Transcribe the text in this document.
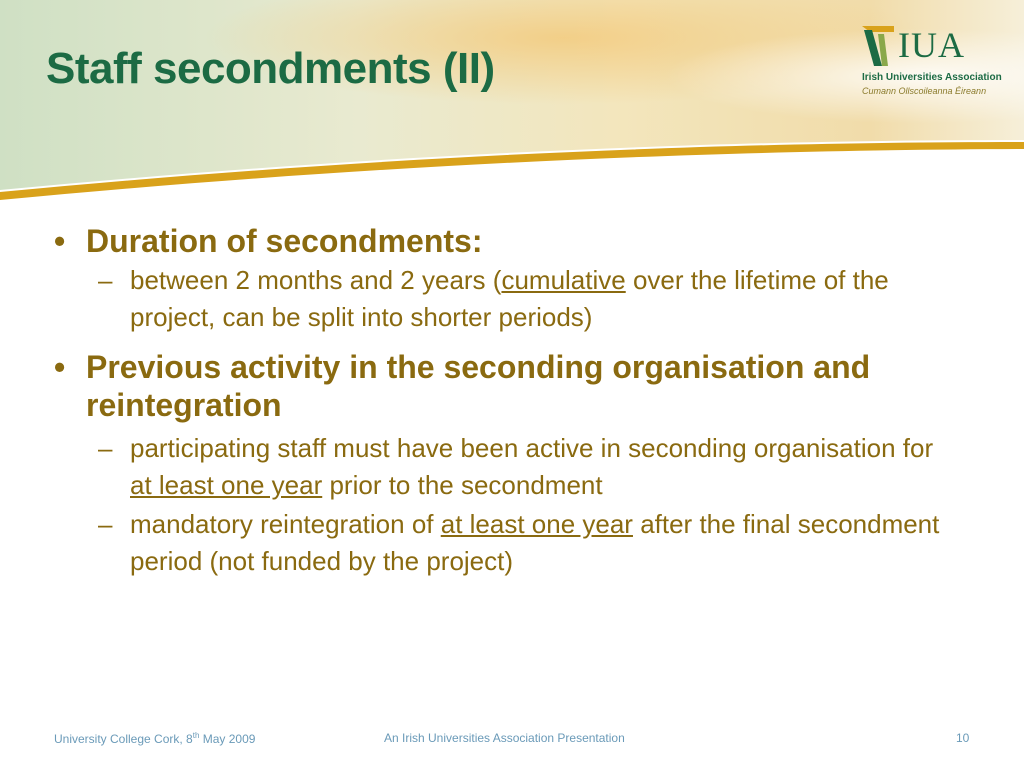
Staff secondments (II)	IUA
Irish Universities Association
Cumann Ollscoileanna Éireann
• Duration of secondments:
– between 2 months and 2 years (cumulative over the lifetime of the project, can be split into shorter periods)
• Previous activity in the seconding organisation and reintegration
– participating staff must have been active in seconding organisation for at least one year prior to the secondment
– mandatory reintegration of at least one year after the final secondment period (not funded by the project)
University College Cork, 8th May 2009	An Irish Universities Association Presentation	10
